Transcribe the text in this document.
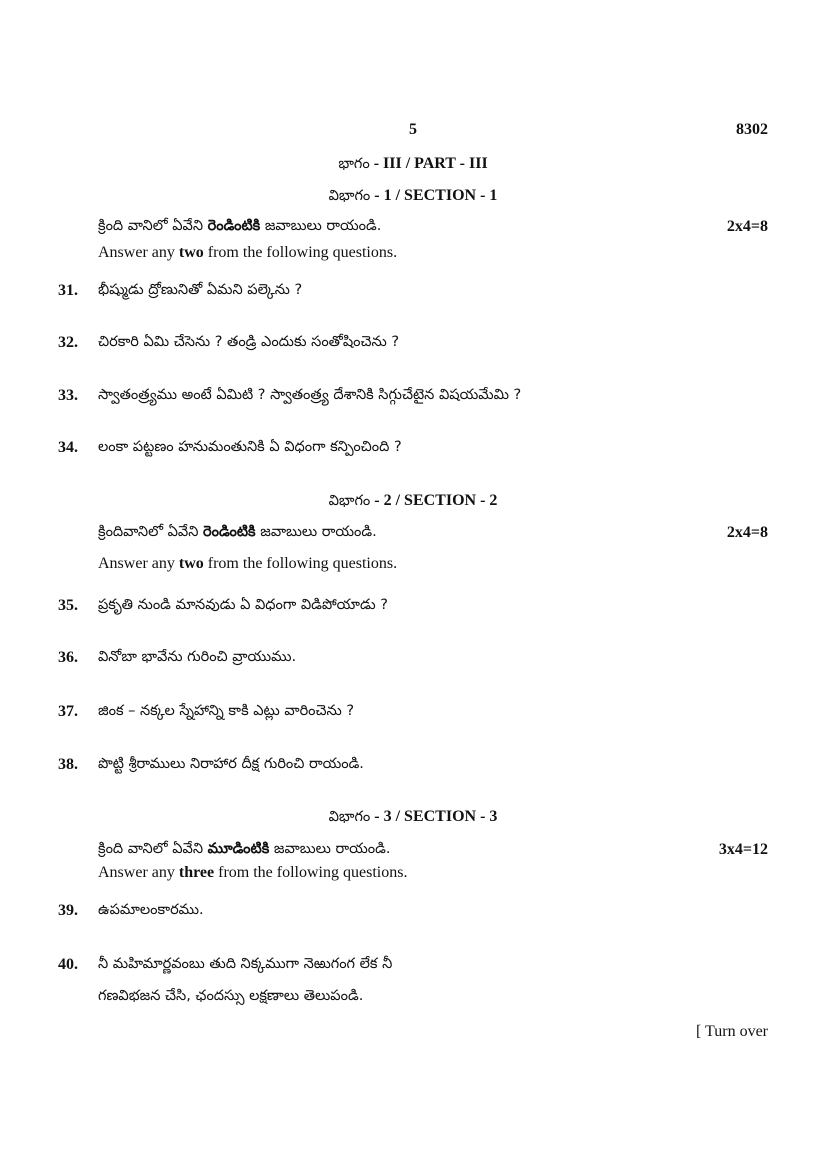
5	8302
భాగం - III / PART - III
విభాగం - 1 / SECTION - 1
క్రింది వానిలో ఏవేని రెండింటికి జవాబులు రాయండి.	2x4=8
Answer any two from the following questions.
31. భీష్ముడు ద్రోణునితో ఏమని పల్కెను ?
32. చిరకారి ఏమి చేసెను ? తండ్రి ఎందుకు సంతోషించెను ?
33. స్వాతంత్ర్యము అంటే ఏమిటి ? స్వాతంత్ర్య దేశానికి సిగ్గుచేటైన విషయమేమి ?
34. లంకా పట్టణం హనుమంతునికి ఏ విధంగా కన్పించింది ?
విభాగం - 2 / SECTION - 2
క్రిందివానిలో ఏవేని రెండింటికి జవాబులు రాయండి.	2x4=8
Answer any two from the following questions.
35. ప్రకృతి నుండి మానవుడు ఏ విధంగా విడిపోయాడు ?
36. వినోబా భావేను గురించి వ్రాయుము.
37. జింక – నక్కల స్నేహాన్ని కాకి ఎట్లు వారించెను ?
38. పొట్టి శ్రీరాములు నిరాహార దీక్ష గురించి రాయండి.
విభాగం - 3 / SECTION - 3
క్రింది వానిలో ఏవేని మూడింటికి జవాబులు రాయండి.	3x4=12
Answer any three from the following questions.
39. ఉపమాలంకారము.
40. నీ మహిమార్ణవంబు తుది నిక్కముగా నెఱుగంగ లేక నీ
గణవిభజన చేసి, ఛందస్సు లక్షణాలు తెలుపండి.
[ Turn over
